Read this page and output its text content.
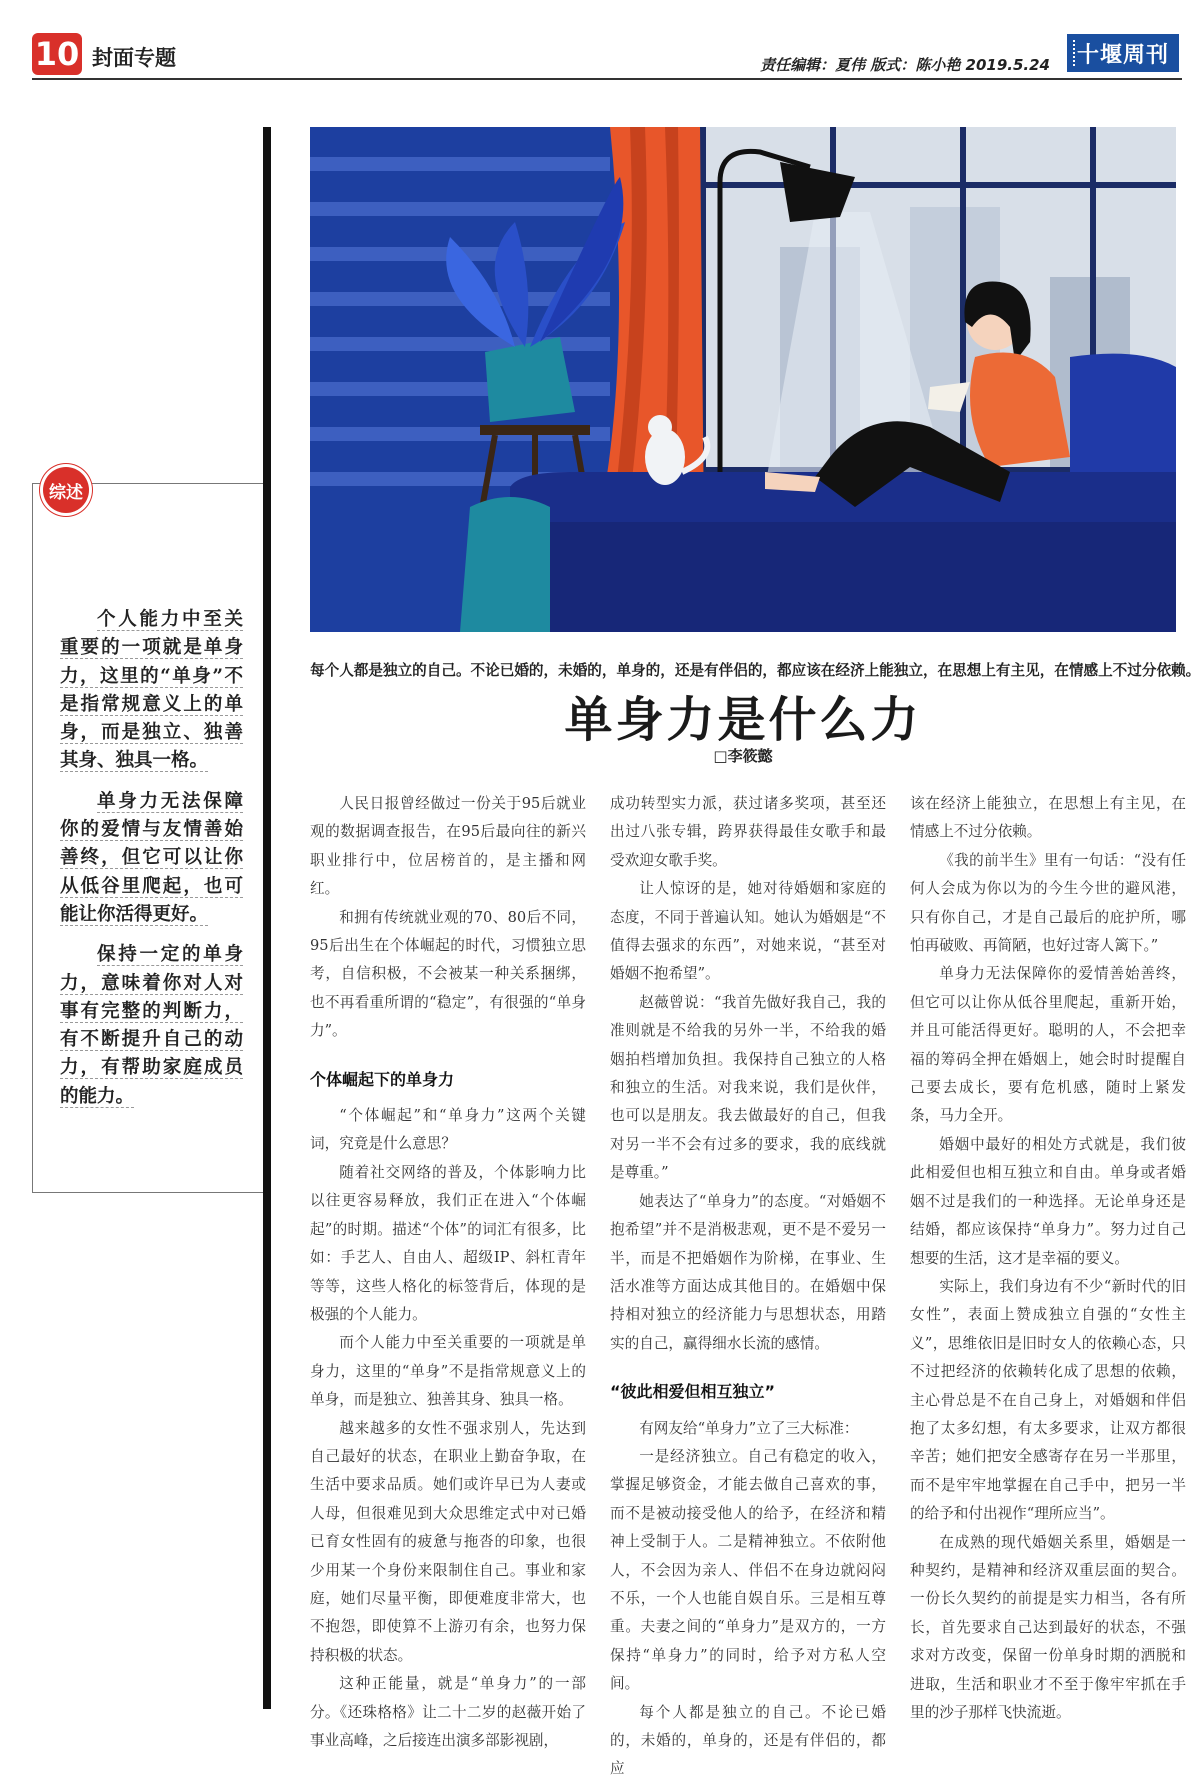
10 封面专题	责任编辑：夏伟 版式：陈小艳 2019.5.24 十堰周刊
综述

个人能力中至关重要的一项就是单身力，这里的“单身”不是指常规意义上的单身，而是独立、独善其身、独具一格。

单身力无法保障你的爱情与友情善始善终，但它可以让你从低谷里爬起，也可能让你活得更好。

保持一定的单身力，意味着你对人对事有完整的判断力，有不断提升自己的动力，有帮助家庭成员的能力。

每个人都是独立的自己。不论已婚的，未婚的，单身的，还是有伴侣的，都应该在经济上能独立，在思想上有主见，在情感上不过分依赖。
单身力是什么力
□李筱懿

人民日报曾经做过一份关于95后就业观的数据调查报告，在95后最向往的新兴职业排行中，位居榜首的，是主播和网红。

和拥有传统就业观的70、80后不同，95后出生在个体崛起的时代，习惯独立思考，自信积极，不会被某一种关系捆绑，也不再看重所谓的“稳定”，有很强的“单身力”。

个体崛起下的单身力

“个体崛起”和“单身力”这两个关键词，究竟是什么意思？

随着社交网络的普及，个体影响力比以往更容易释放，我们正在进入“个体崛起”的时期。描述“个体”的词汇有很多，比如：手艺人、自由人、超级IP、斜杠青年等等，这些人格化的标签背后，体现的是极强的个人能力。

而个人能力中至关重要的一项就是单身力，这里的“单身”不是指常规意义上的单身，而是独立、独善其身、独具一格。

越来越多的女性不强求别人，先达到自己最好的状态，在职业上勤奋争取，在生活中要求品质。她们或许早已为人妻或人母，但很难见到大众思维定式中对已婚已育女性固有的疲惫与拖沓的印象，也很少用某一个身份来限制住自己。事业和家庭，她们尽量平衡，即便难度非常大，也不抱怨，即使算不上游刃有余，也努力保持积极的状态。

这种正能量，就是“单身力”的一部分。《还珠格格》让二十二岁的赵薇开始了事业高峰，之后接连出演多部影视剧，

成功转型实力派，获过诸多奖项，甚至还出过八张专辑，跨界获得最佳女歌手和最受欢迎女歌手奖。

让人惊讶的是，她对待婚姻和家庭的态度，不同于普遍认知。她认为婚姻是“不值得去强求的东西”，对她来说，“甚至对婚姻不抱希望”。

赵薇曾说：“我首先做好我自己，我的准则就是不给我的另外一半，不给我的婚姻拍档增加负担。我保持自己独立的人格和独立的生活。对我来说，我们是伙伴，也可以是朋友。我去做最好的自己，但我对另一半不会有过多的要求，我的底线就是尊重。”

她表达了“单身力”的态度。“对婚姻不抱希望”并不是消极悲观，更不是不爱另一半，而是不把婚姻作为阶梯，在事业、生活水准等方面达成其他目的。在婚姻中保持相对独立的经济能力与思想状态，用踏实的自己，赢得细水长流的感情。

“彼此相爱但相互独立”

有网友给“单身力”立了三大标准：

一是经济独立。自己有稳定的收入，掌握足够资金，才能去做自己喜欢的事，而不是被动接受他人的给予，在经济和精神上受制于人。二是精神独立。不依附他人，不会因为亲人、伴侣不在身边就闷闷不乐，一个人也能自娱自乐。三是相互尊重。夫妻之间的“单身力”是双方的，一方保持“单身力”的同时，给予对方私人空间。

每个人都是独立的自己。不论已婚的，未婚的，单身的，还是有伴侣的，都应

该在经济上能独立，在思想上有主见，在情感上不过分依赖。

《我的前半生》里有一句话：“没有任何人会成为你以为的今生今世的避风港，只有你自己，才是自己最后的庇护所，哪怕再破败、再简陋，也好过寄人篱下。”

单身力无法保障你的爱情善始善终，但它可以让你从低谷里爬起，重新开始，并且可能活得更好。聪明的人，不会把幸福的筹码全押在婚姻上，她会时时提醒自己要去成长，要有危机感，随时上紧发条，马力全开。

婚姻中最好的相处方式就是，我们彼此相爱但也相互独立和自由。单身或者婚姻不过是我们的一种选择。无论单身还是结婚，都应该保持“单身力”。努力过自己想要的生活，这才是幸福的要义。

实际上，我们身边有不少“新时代的旧女性”，表面上赞成独立自强的“女性主义”，思维依旧是旧时女人的依赖心态，只不过把经济的依赖转化成了思想的依赖，主心骨总是不在自己身上，对婚姻和伴侣抱了太多幻想，有太多要求，让双方都很辛苦；她们把安全感寄存在另一半那里，而不是牢牢地掌握在自己手中，把另一半的给予和付出视作“理所应当”。

在成熟的现代婚姻关系里，婚姻是一种契约，是精神和经济双重层面的契合。一份长久契约的前提是实力相当，各有所长，首先要求自己达到最好的状态，不强求对方改变，保留一份单身时期的洒脱和进取，生活和职业才不至于像牢牢抓在手里的沙子那样飞快流逝。
